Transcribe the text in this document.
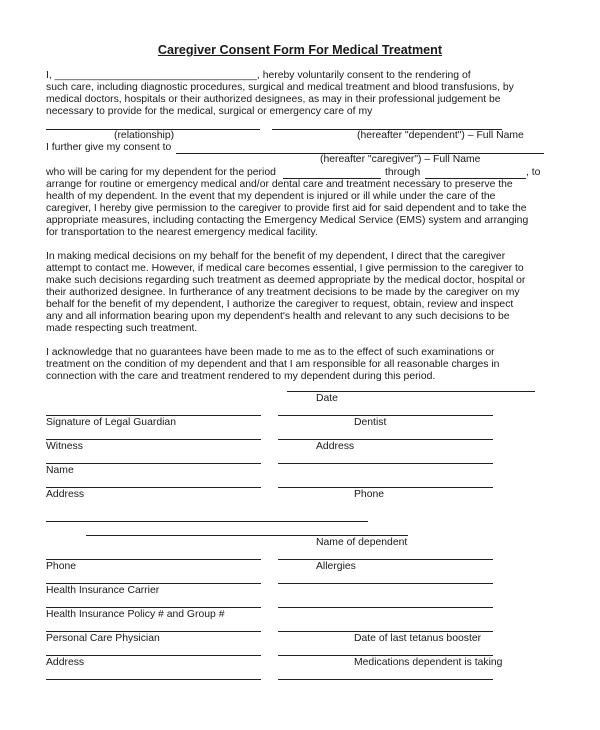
Caregiver Consent Form For Medical Treatment
I, ___________________________________, hereby voluntarily consent to the rendering of
such care, including diagnostic procedures, surgical and medical treatment and blood transfusions, by
medical doctors, hospitals or their authorized designees, as may in their professional judgement be
necessary to provide for the medical, surgical or emergency care of my
(relationship)	(hereafter "dependent") – Full Name
I further give my consent to
(hereafter "caregiver") – Full Name
who will be caring for my dependent for the period	through	, to
arrange for routine or emergency medical and/or dental care and treatment necessary to preserve the
health of my dependent. In the event that my dependent is injured or ill while under the care of the
caregiver, I hereby give permission to the caregiver to provide first aid for said dependent and to take the
appropriate measures, including contacting the Emergency Medical Service (EMS) system and arranging
for transportation to the nearest emergency medical facility.
In making medical decisions on my behalf for the benefit of my dependent, I direct that the caregiver
attempt to contact me. However, if medical care becomes essential, I give permission to the caregiver to
make such decisions regarding such treatment as deemed appropriate by the medical doctor, hospital or
their authorized designee. In furtherance of any treatment decisions to be made by the caregiver on my
behalf for the benefit of my dependent, I authorize the caregiver to request, obtain, review and inspect
any and all information bearing upon my dependent's health and relevant to any such decisions to be
made respecting such treatment.
I acknowledge that no guarantees have been made to me as to the effect of such examinations or
treatment on the condition of my dependent and that I am responsible for all reasonable charges in
connection with the care and treatment rendered to my dependent during this period.
Date
Signature of Legal Guardian	Dentist
Witness	Address
Name
Address	Phone
Name of dependent
Phone	Allergies
Health Insurance Carrier
Health Insurance Policy # and Group #
Personal Care Physician	Date of last tetanus booster
Address	Medications dependent is taking
